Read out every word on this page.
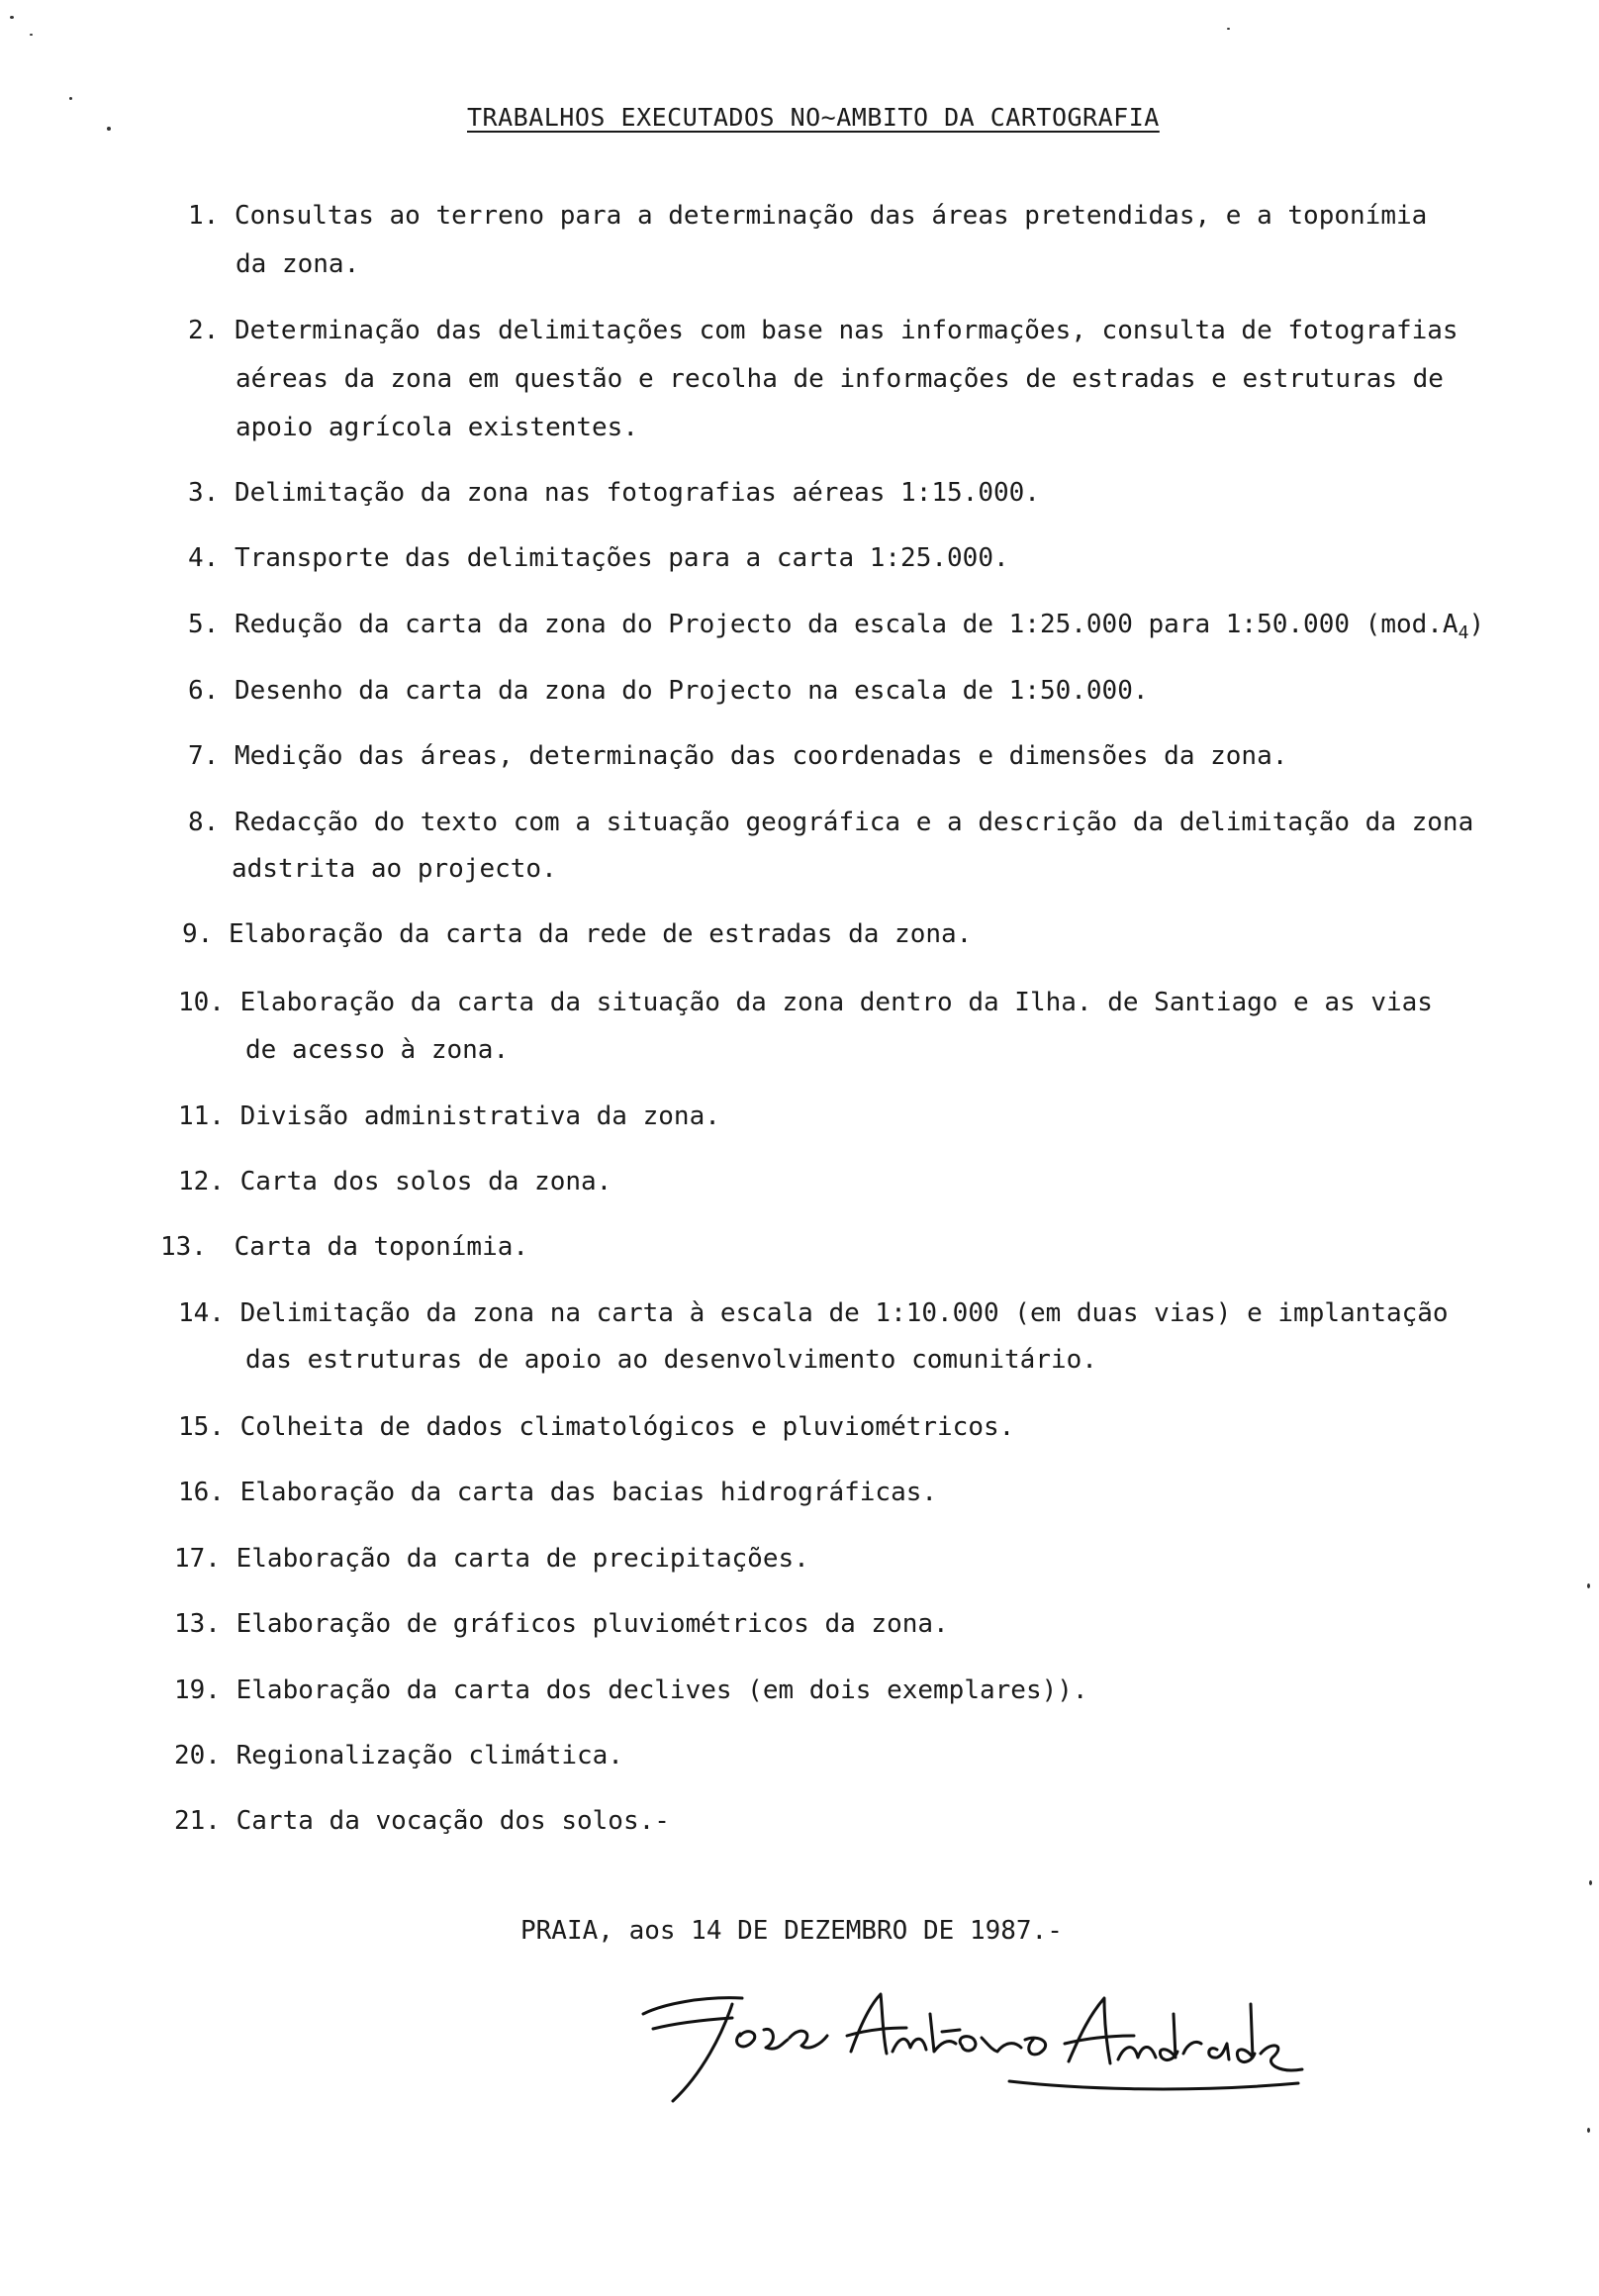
TRABALHOS EXECUTADOS NO~AMBITO DA CARTOGRAFIA
1. Consultas ao terreno para a determinação das áreas pretendidas, e a toponímia
da zona.
2. Determinação das delimitações com base nas informações, consulta de fotografias
aéreas da zona em questão e recolha de informações de estradas e estruturas de
apoio agrícola existentes.
3. Delimitação da zona nas fotografias aéreas 1:15.000.
4. Transporte das delimitações para a carta 1:25.000.
5. Redução da carta da zona do Projecto da escala de 1:25.000 para 1:50.000 $(mod.A_4)$
6. Desenho da carta da zona do Projecto na escala de 1:50.000.
7. Medição das áreas, determinação das coordenadas e dimensões da zona.
8. Redacção do texto com a situação geográfica e a descrição da delimitação da zona
adstrita ao projecto.
9. Elaboração da carta da rede de estradas da zona.
10. Elaboração da carta da situação da zona dentro da Ilha. de Santiago e as vias
de acesso à zona.
11. Divisão administrativa da zona.
12. Carta dos solos da zona.
13. Carta da toponímia.
14. Delimitação da zona na carta à escala de 1:10.000 (em duas vias) e implantação
das estruturas de apoio ao desenvolvimento comunitário.
15. Colheita de dados climatológicos e pluviométricos.
16. Elaboração da carta das bacias hidrográficas.
17. Elaboração da carta de precipitações.
13. Elaboração de gráficos pluviométricos da zona.
19. Elaboração da carta dos declives (em dois exemplares)).
20. Regionalização climática.
21. Carta da vocação dos solos.-
PRAIA, aos 14 DE DEZEMBRO DE 1987.-
